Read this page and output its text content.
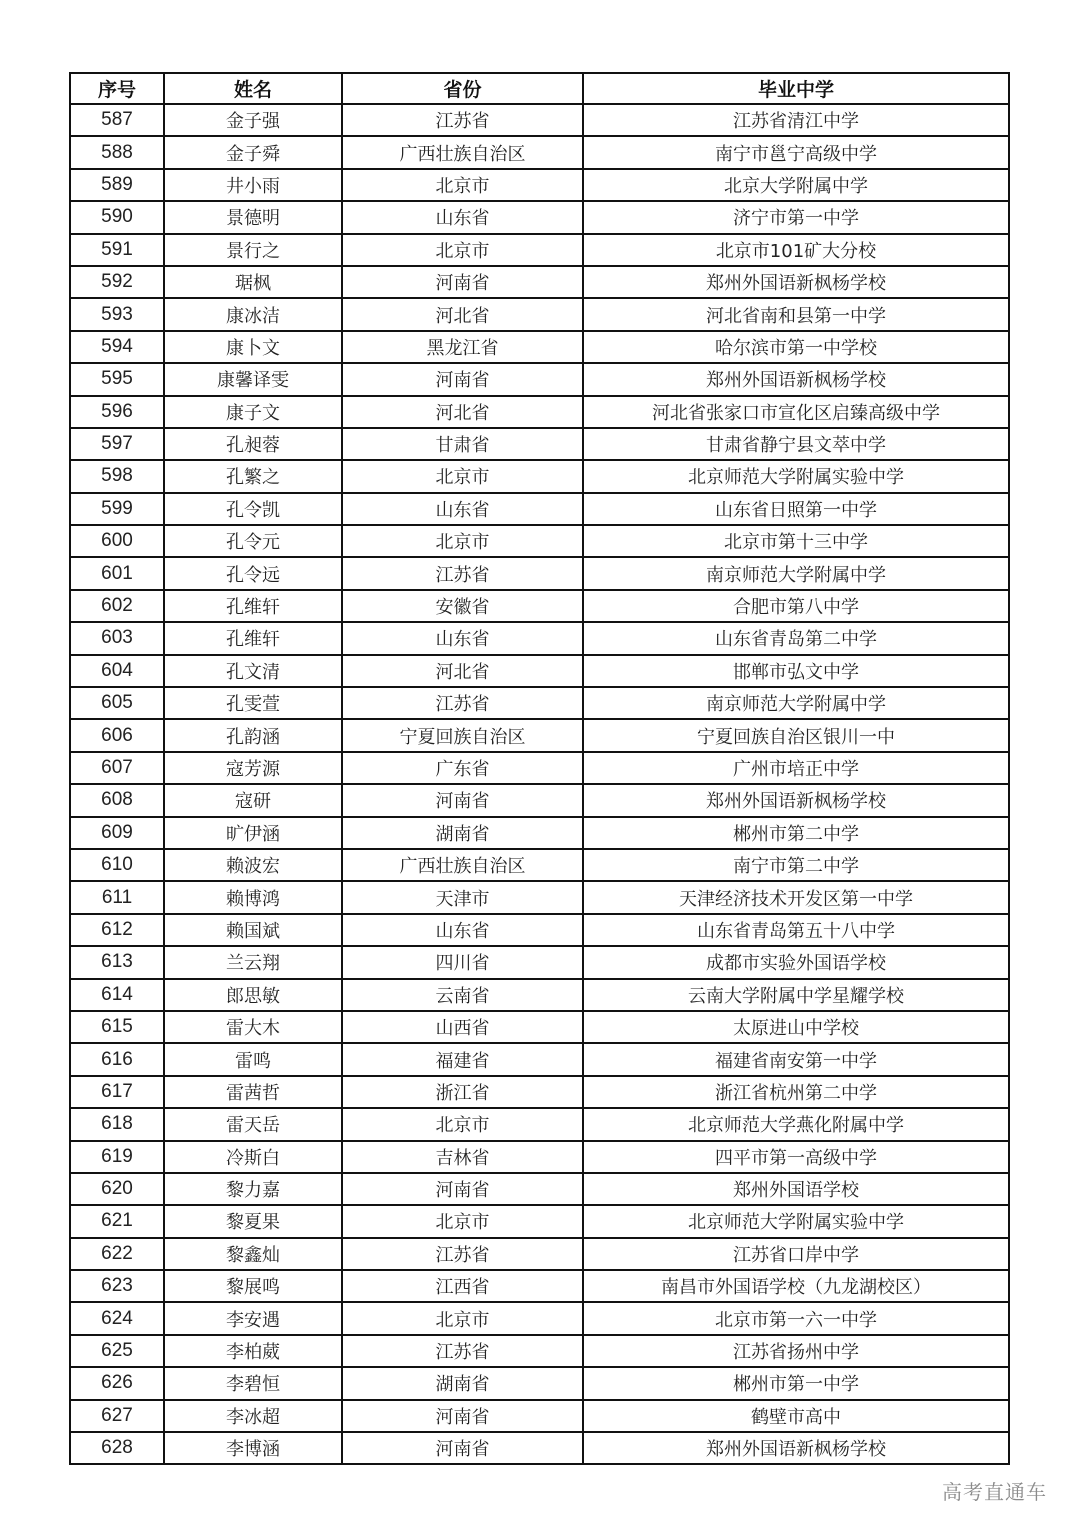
序号	姓名	省份	毕业中学
587	金子强	江苏省	江苏省清江中学
588	金子舜	广西壮族自治区	南宁市邕宁高级中学
589	井小雨	北京市	北京大学附属中学
590	景德明	山东省	济宁市第一中学
591	景行之	北京市	北京市101矿大分校
592	琚枫	河南省	郑州外国语新枫杨学校
593	康冰洁	河北省	河北省南和县第一中学
594	康卜文	黑龙江省	哈尔滨市第一中学校
595	康馨译雯	河南省	郑州外国语新枫杨学校
596	康子文	河北省	河北省张家口市宣化区启臻高级中学
597	孔昶蓉	甘肃省	甘肃省静宁县文萃中学
598	孔繁之	北京市	北京师范大学附属实验中学
599	孔令凯	山东省	山东省日照第一中学
600	孔令元	北京市	北京市第十三中学
601	孔令远	江苏省	南京师范大学附属中学
602	孔维轩	安徽省	合肥市第八中学
603	孔维轩	山东省	山东省青岛第二中学
604	孔文清	河北省	邯郸市弘文中学
605	孔雯萱	江苏省	南京师范大学附属中学
606	孔韵涵	宁夏回族自治区	宁夏回族自治区银川一中
607	寇芳源	广东省	广州市培正中学
608	寇研	河南省	郑州外国语新枫杨学校
609	旷伊涵	湖南省	郴州市第二中学
610	赖波宏	广西壮族自治区	南宁市第二中学
611	赖博鸿	天津市	天津经济技术开发区第一中学
612	赖国斌	山东省	山东省青岛第五十八中学
613	兰云翔	四川省	成都市实验外国语学校
614	郎思敏	云南省	云南大学附属中学星耀学校
615	雷大木	山西省	太原进山中学校
616	雷鸣	福建省	福建省南安第一中学
617	雷茜哲	浙江省	浙江省杭州第二中学
618	雷天岳	北京市	北京师范大学燕化附属中学
619	冷斯白	吉林省	四平市第一高级中学
620	黎力嘉	河南省	郑州外国语学校
621	黎夏果	北京市	北京师范大学附属实验中学
622	黎鑫灿	江苏省	江苏省口岸中学
623	黎展鸣	江西省	南昌市外国语学校（九龙湖校区）
624	李安遇	北京市	北京市第一六一中学
625	李柏葳	江苏省	江苏省扬州中学
626	李碧恒	湖南省	郴州市第一中学
627	李冰超	河南省	鹤壁市高中
628	李博涵	河南省	郑州外国语新枫杨学校
高考直通车
